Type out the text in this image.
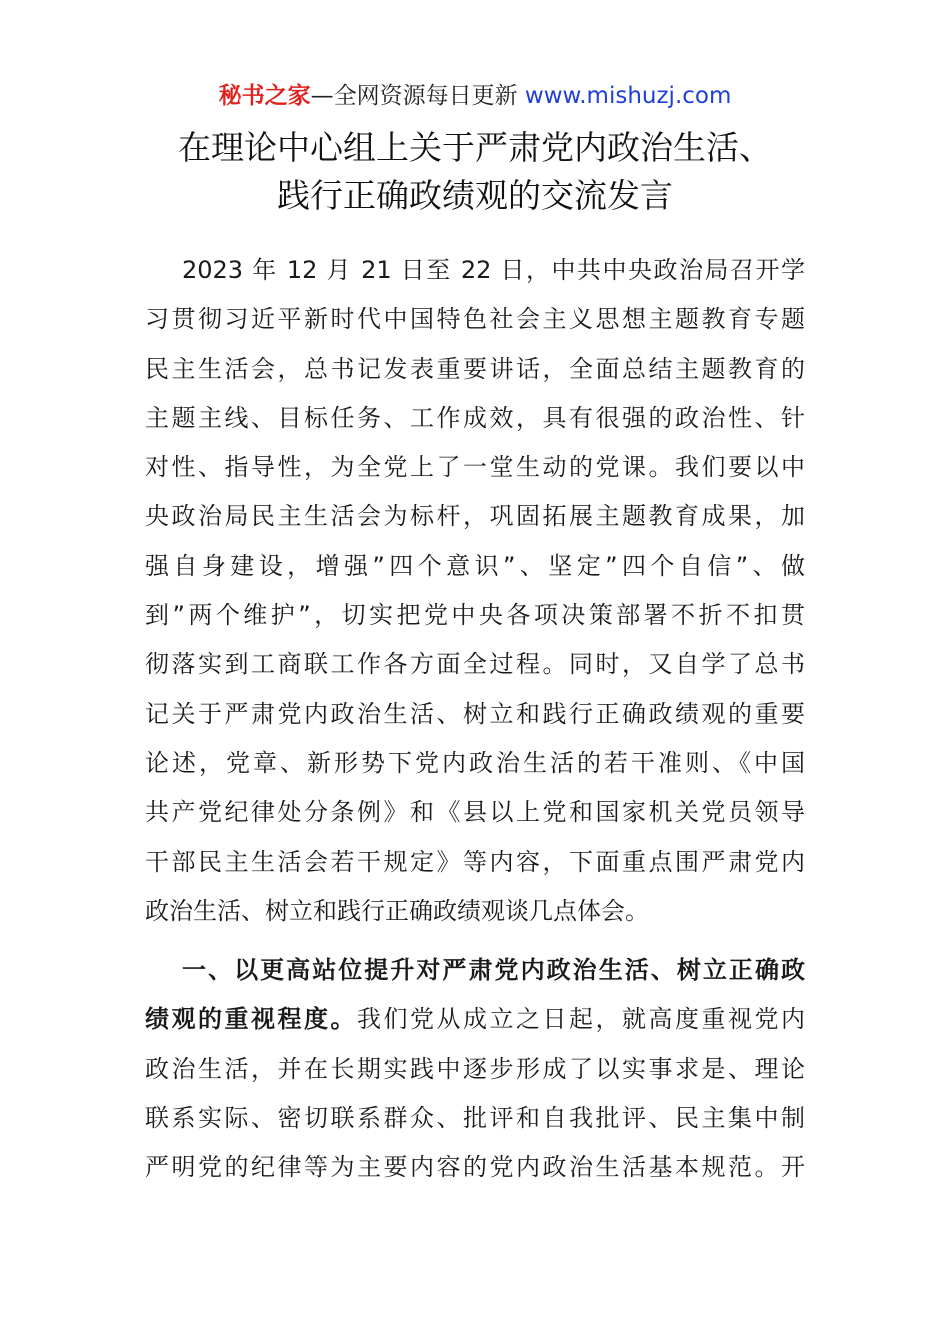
秘书之家—全网资源每日更新 www.mishuzj.com
在理论中心组上关于严肃党内政治生活、
践行正确政绩观的交流发言
2023 年 12 月 21 日至 22 日，中共中央政治局召开学
习贯彻习近平新时代中国特色社会主义思想主题教育专题
民主生活会，总书记发表重要讲话，全面总结主题教育的
主题主线、目标任务、工作成效，具有很强的政治性、针
对性、指导性，为全党上了一堂生动的党课。我们要以中
央政治局民主生活会为标杆，巩固拓展主题教育成果，加
强自身建设，增强”四个意识”、坚定”四个自信”、做
到”两个维护”，切实把党中央各项决策部署不折不扣贯
彻落实到工商联工作各方面全过程。同时，又自学了总书
记关于严肃党内政治生活、树立和践行正确政绩观的重要
论述，党章、新形势下党内政治生活的若干准则、《中国
共产党纪律处分条例》和《县以上党和国家机关党员领导
干部民主生活会若干规定》等内容，下面重点围严肃党内
政治生活、树立和践行正确政绩观谈几点体会。
一、以更高站位提升对严肃党内政治生活、树立正确政
绩观的重视程度。我们党从成立之日起，就高度重视党内
政治生活，并在长期实践中逐步形成了以实事求是、理论
联系实际、密切联系群众、批评和自我批评、民主集中制
严明党的纪律等为主要内容的党内政治生活基本规范。开
